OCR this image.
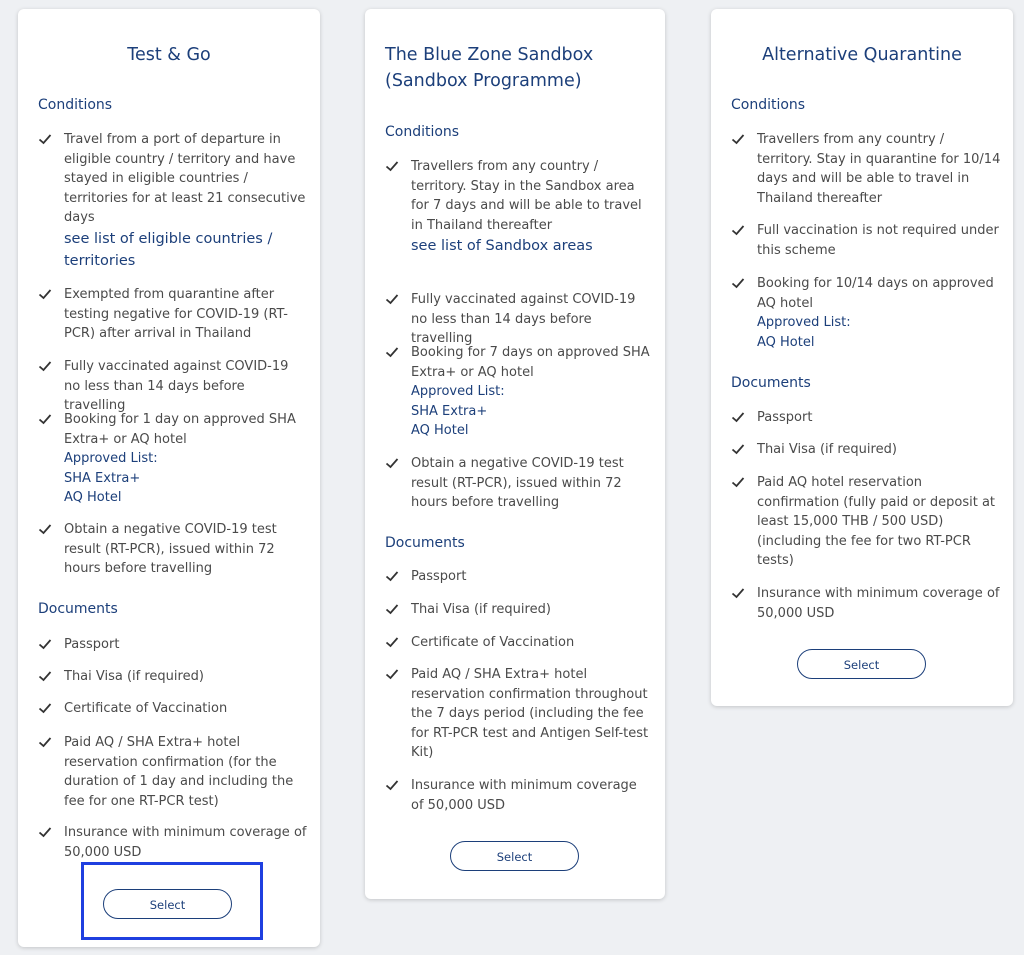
Test & Go
Conditions
Travel from a port of departure in eligible country / territory and have stayed in eligible countries / territories for at least 21 consecutive days
see list of eligible countries / territories
Exempted from quarantine after testing negative for COVID-19 (RT-PCR) after arrival in Thailand
Fully vaccinated against COVID-19 no less than 14 days before travelling
Booking for 1 day on approved SHA Extra+ or AQ hotel
Approved List:
SHA Extra+
AQ Hotel
Obtain a negative COVID-19 test result (RT-PCR), issued within 72 hours before travelling
Documents
Passport
Thai Visa (if required)
Certificate of Vaccination
Paid AQ / SHA Extra+ hotel reservation confirmation (for the duration of 1 day and including the fee for one RT-PCR test)
Insurance with minimum coverage of 50,000 USD
Select
The Blue Zone Sandbox (Sandbox Programme)
Conditions
Travellers from any country / territory. Stay in the Sandbox area for 7 days and will be able to travel in Thailand thereafter
see list of Sandbox areas
Fully vaccinated against COVID-19 no less than 14 days before travelling
Booking for 7 days on approved SHA Extra+ or AQ hotel
Approved List:
SHA Extra+
AQ Hotel
Obtain a negative COVID-19 test result (RT-PCR), issued within 72 hours before travelling
Documents
Passport
Thai Visa (if required)
Certificate of Vaccination
Paid AQ / SHA Extra+ hotel reservation confirmation throughout the 7 days period (including the fee for RT-PCR test and Antigen Self-test Kit)
Insurance with minimum coverage of 50,000 USD
Select
Alternative Quarantine
Conditions
Travellers from any country / territory. Stay in quarantine for 10/14 days and will be able to travel in Thailand thereafter
Full vaccination is not required under this scheme
Booking for 10/14 days on approved AQ hotel
Approved List:
AQ Hotel
Documents
Passport
Thai Visa (if required)
Paid AQ hotel reservation confirmation (fully paid or deposit at least 15,000 THB / 500 USD) (including the fee for two RT-PCR tests)
Insurance with minimum coverage of 50,000 USD
Select
